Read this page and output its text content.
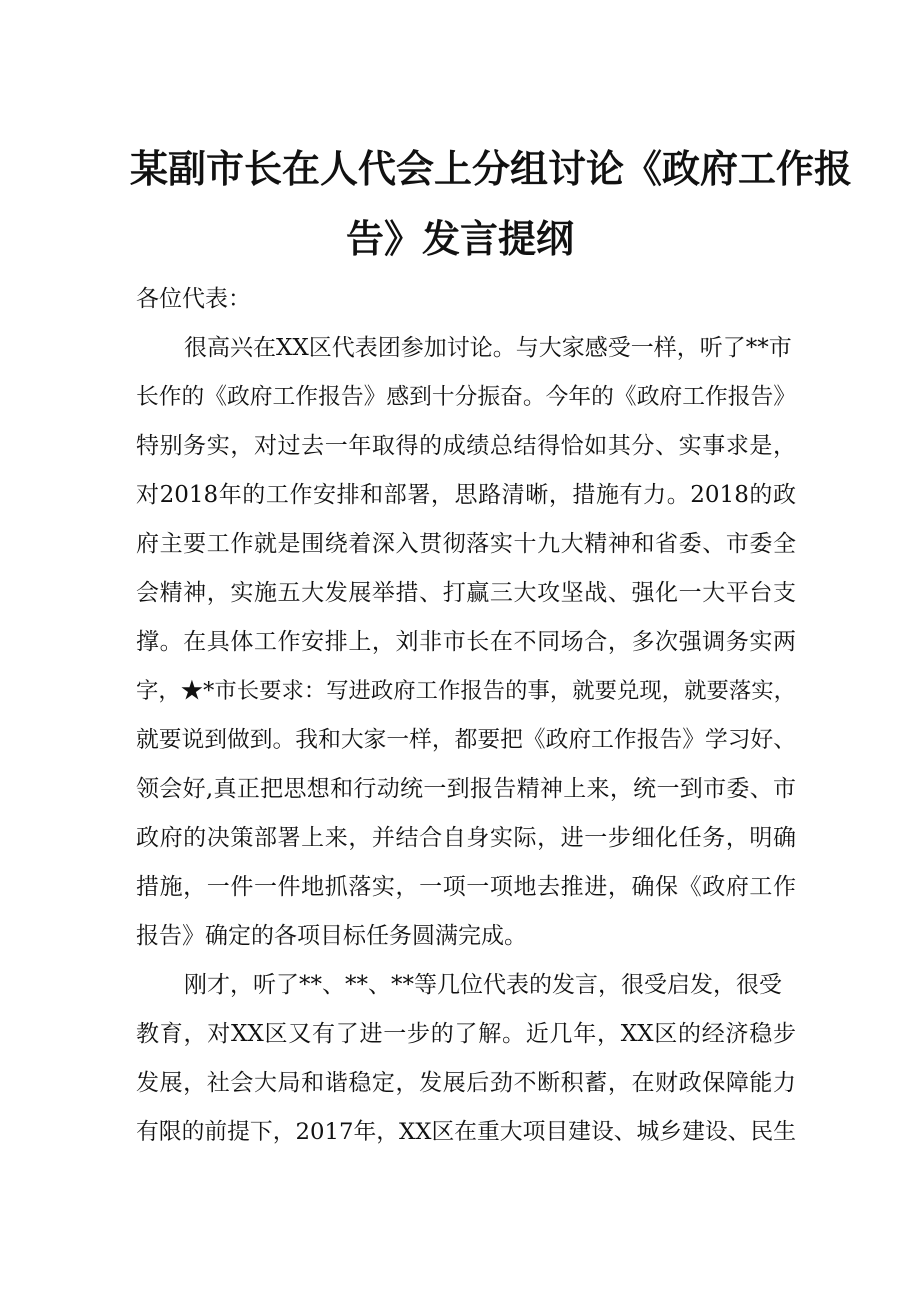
某副市长在人代会上分组讨论《政府工作报
告》发言提纲
各位代表：
很高兴在XX区代表团参加讨论。与大家感受一样，听了**市
长作的《政府工作报告》感到十分振奋。今年的《政府工作报告》
特别务实，对过去一年取得的成绩总结得恰如其分、实事求是，
对2018年的工作安排和部署，思路清晰，措施有力。2018的政
府主要工作就是围绕着深入贯彻落实十九大精神和省委、市委全
会精神，实施五大发展举措、打赢三大攻坚战、强化一大平台支
撑。在具体工作安排上，刘非市长在不同场合，多次强调务实两
字，★*市长要求：写进政府工作报告的事，就要兑现，就要落实，
就要说到做到。我和大家一样，都要把《政府工作报告》学习好、
领会好,真正把思想和行动统一到报告精神上来，统一到市委、市
政府的决策部署上来，并结合自身实际，进一步细化任务，明确
措施，一件一件地抓落实，一项一项地去推进，确保《政府工作
报告》确定的各项目标任务圆满完成。
刚才，听了**、**、**等几位代表的发言，很受启发，很受
教育，对XX区又有了进一步的了解。近几年，XX区的经济稳步
发展，社会大局和谐稳定，发展后劲不断积蓄，在财政保障能力
有限的前提下，2017年，XX区在重大项目建设、城乡建设、民生
